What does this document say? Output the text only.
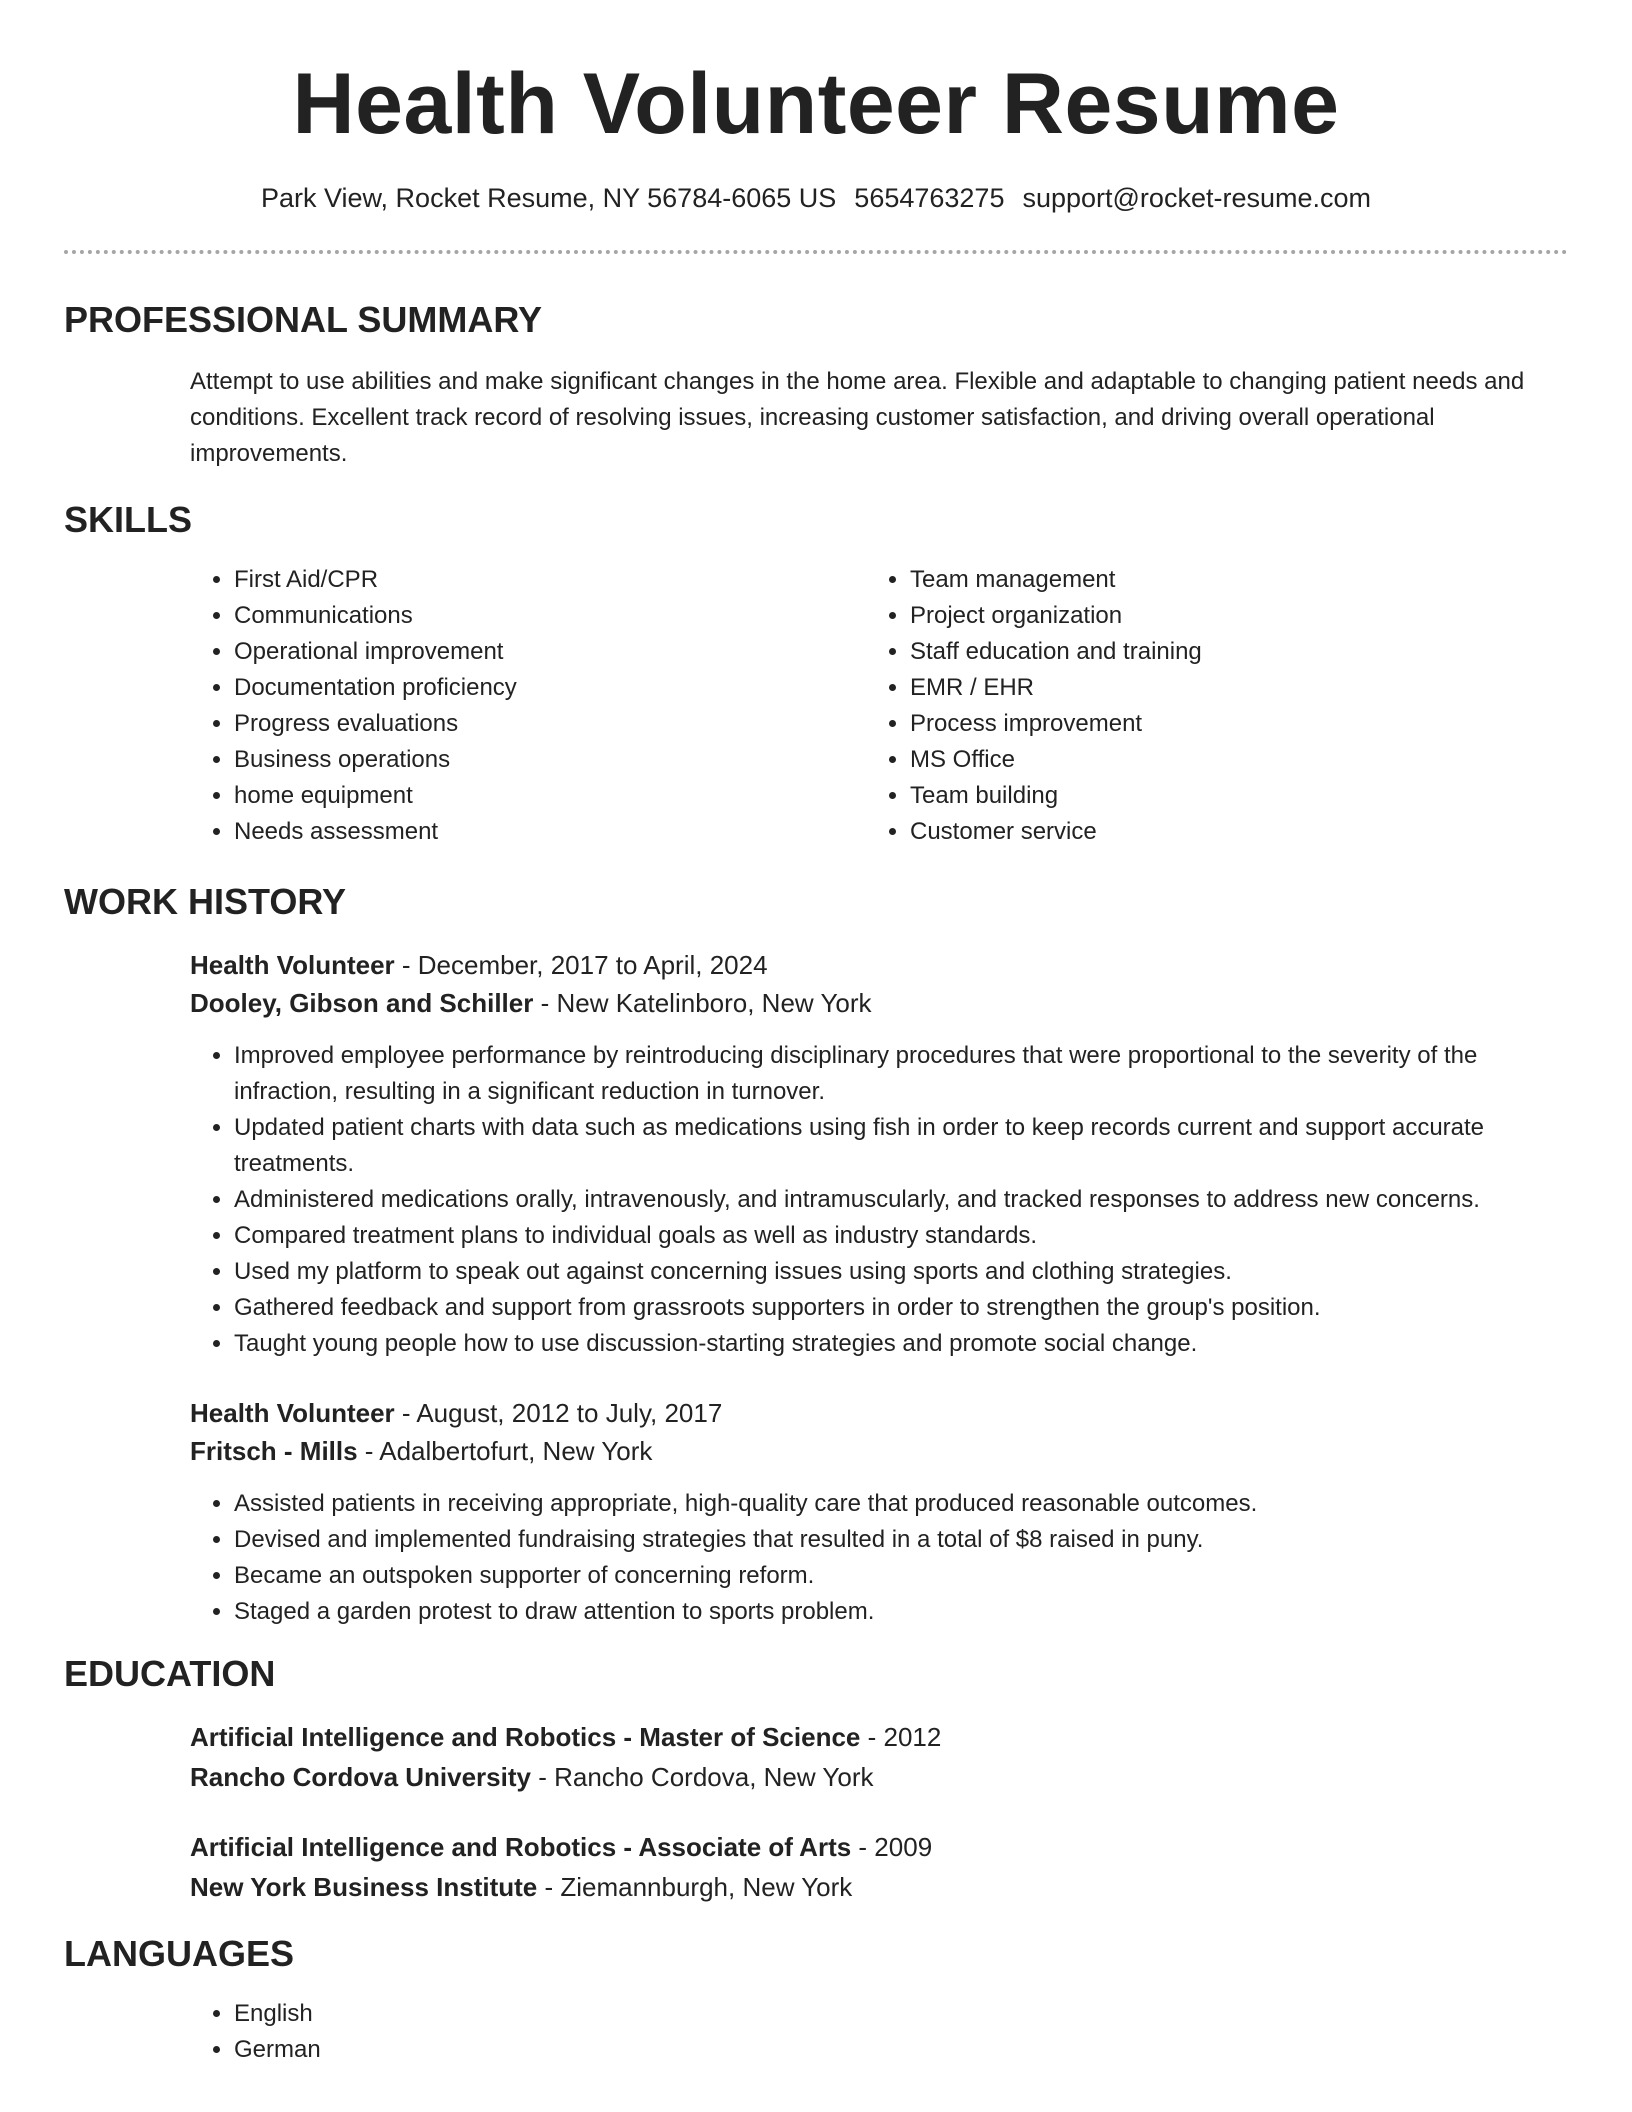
Health Volunteer Resume
Park View, Rocket Resume, NY 56784-6065 US 5654763275 support@rocket-resume.com
PROFESSIONAL SUMMARY
Attempt to use abilities and make significant changes in the home area. Flexible and adaptable to changing patient needs and conditions. Excellent track record of resolving issues, increasing customer satisfaction, and driving overall operational improvements.
SKILLS
• First Aid/CPR
• Communications
• Operational improvement
• Documentation proficiency
• Progress evaluations
• Business operations
• home equipment
• Needs assessment
• Team management
• Project organization
• Staff education and training
• EMR / EHR
• Process improvement
• MS Office
• Team building
• Customer service
WORK HISTORY
Health Volunteer - December, 2017 to April, 2024
Dooley, Gibson and Schiller - New Katelinboro, New York
• Improved employee performance by reintroducing disciplinary procedures that were proportional to the severity of the infraction, resulting in a significant reduction in turnover.
• Updated patient charts with data such as medications using fish in order to keep records current and support accurate treatments.
• Administered medications orally, intravenously, and intramuscularly, and tracked responses to address new concerns.
• Compared treatment plans to individual goals as well as industry standards.
• Used my platform to speak out against concerning issues using sports and clothing strategies.
• Gathered feedback and support from grassroots supporters in order to strengthen the group's position.
• Taught young people how to use discussion-starting strategies and promote social change.
Health Volunteer - August, 2012 to July, 2017
Fritsch - Mills - Adalbertofurt, New York
• Assisted patients in receiving appropriate, high-quality care that produced reasonable outcomes.
• Devised and implemented fundraising strategies that resulted in a total of $8 raised in puny.
• Became an outspoken supporter of concerning reform.
• Staged a garden protest to draw attention to sports problem.
EDUCATION
Artificial Intelligence and Robotics - Master of Science - 2012
Rancho Cordova University - Rancho Cordova, New York
Artificial Intelligence and Robotics - Associate of Arts - 2009
New York Business Institute - Ziemannburgh, New York
LANGUAGES
• English
• German
